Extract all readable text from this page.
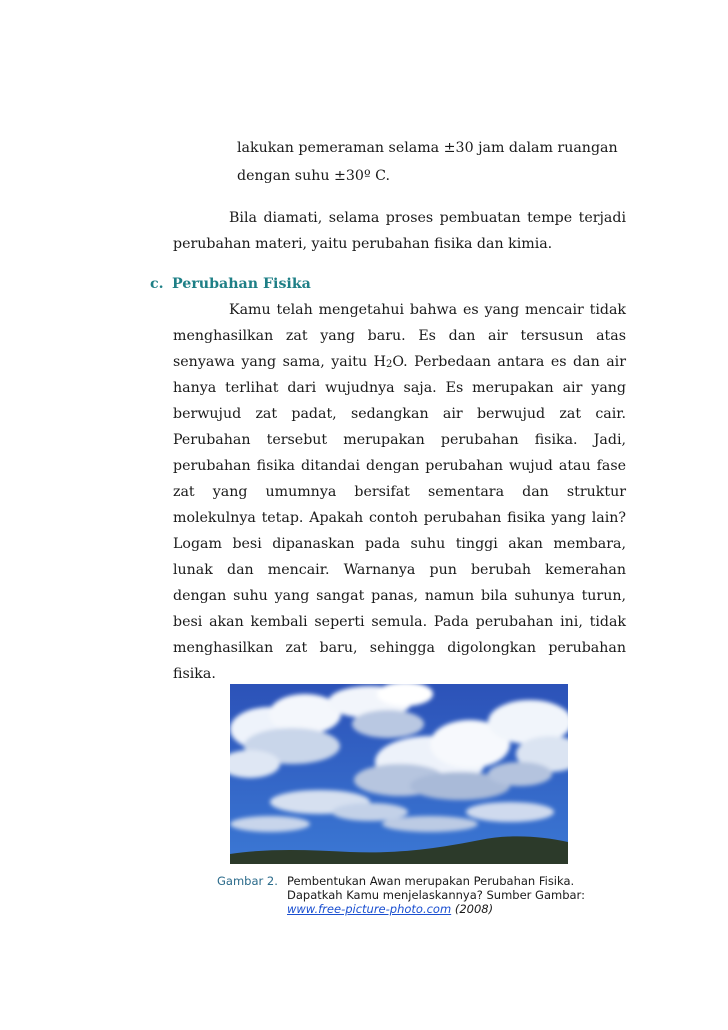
lakukan pemeraman selama ±30 jam dalam ruangan
dengan suhu ±30º C.
Bila diamati, selama proses pembuatan tempe terjadi
perubahan materi, yaitu perubahan fisika dan kimia.
c. Perubahan Fisika
Kamu telah mengetahui bahwa es yang mencair tidak
menghasilkan zat yang baru. Es dan air tersusun atas
senyawa yang sama, yaitu H2O. Perbedaan antara es dan air
hanya terlihat dari wujudnya saja. Es merupakan air yang
berwujud zat padat, sedangkan air berwujud zat cair.
Perubahan tersebut merupakan perubahan fisika. Jadi,
perubahan fisika ditandai dengan perubahan wujud atau fase
zat yang umumnya bersifat sementara dan struktur
molekulnya tetap. Apakah contoh perubahan fisika yang lain?
Logam besi dipanaskan pada suhu tinggi akan membara,
lunak dan mencair. Warnanya pun berubah kemerahan
dengan suhu yang sangat panas, namun bila suhunya turun,
besi akan kembali seperti semula. Pada perubahan ini, tidak
menghasilkan zat baru, sehingga digolongkan perubahan
fisika.
Gambar 2. Pembentukan Awan merupakan Perubahan Fisika.
Dapatkah Kamu menjelaskannya? Sumber Gambar:
www.free-picture-photo.com (2008)
